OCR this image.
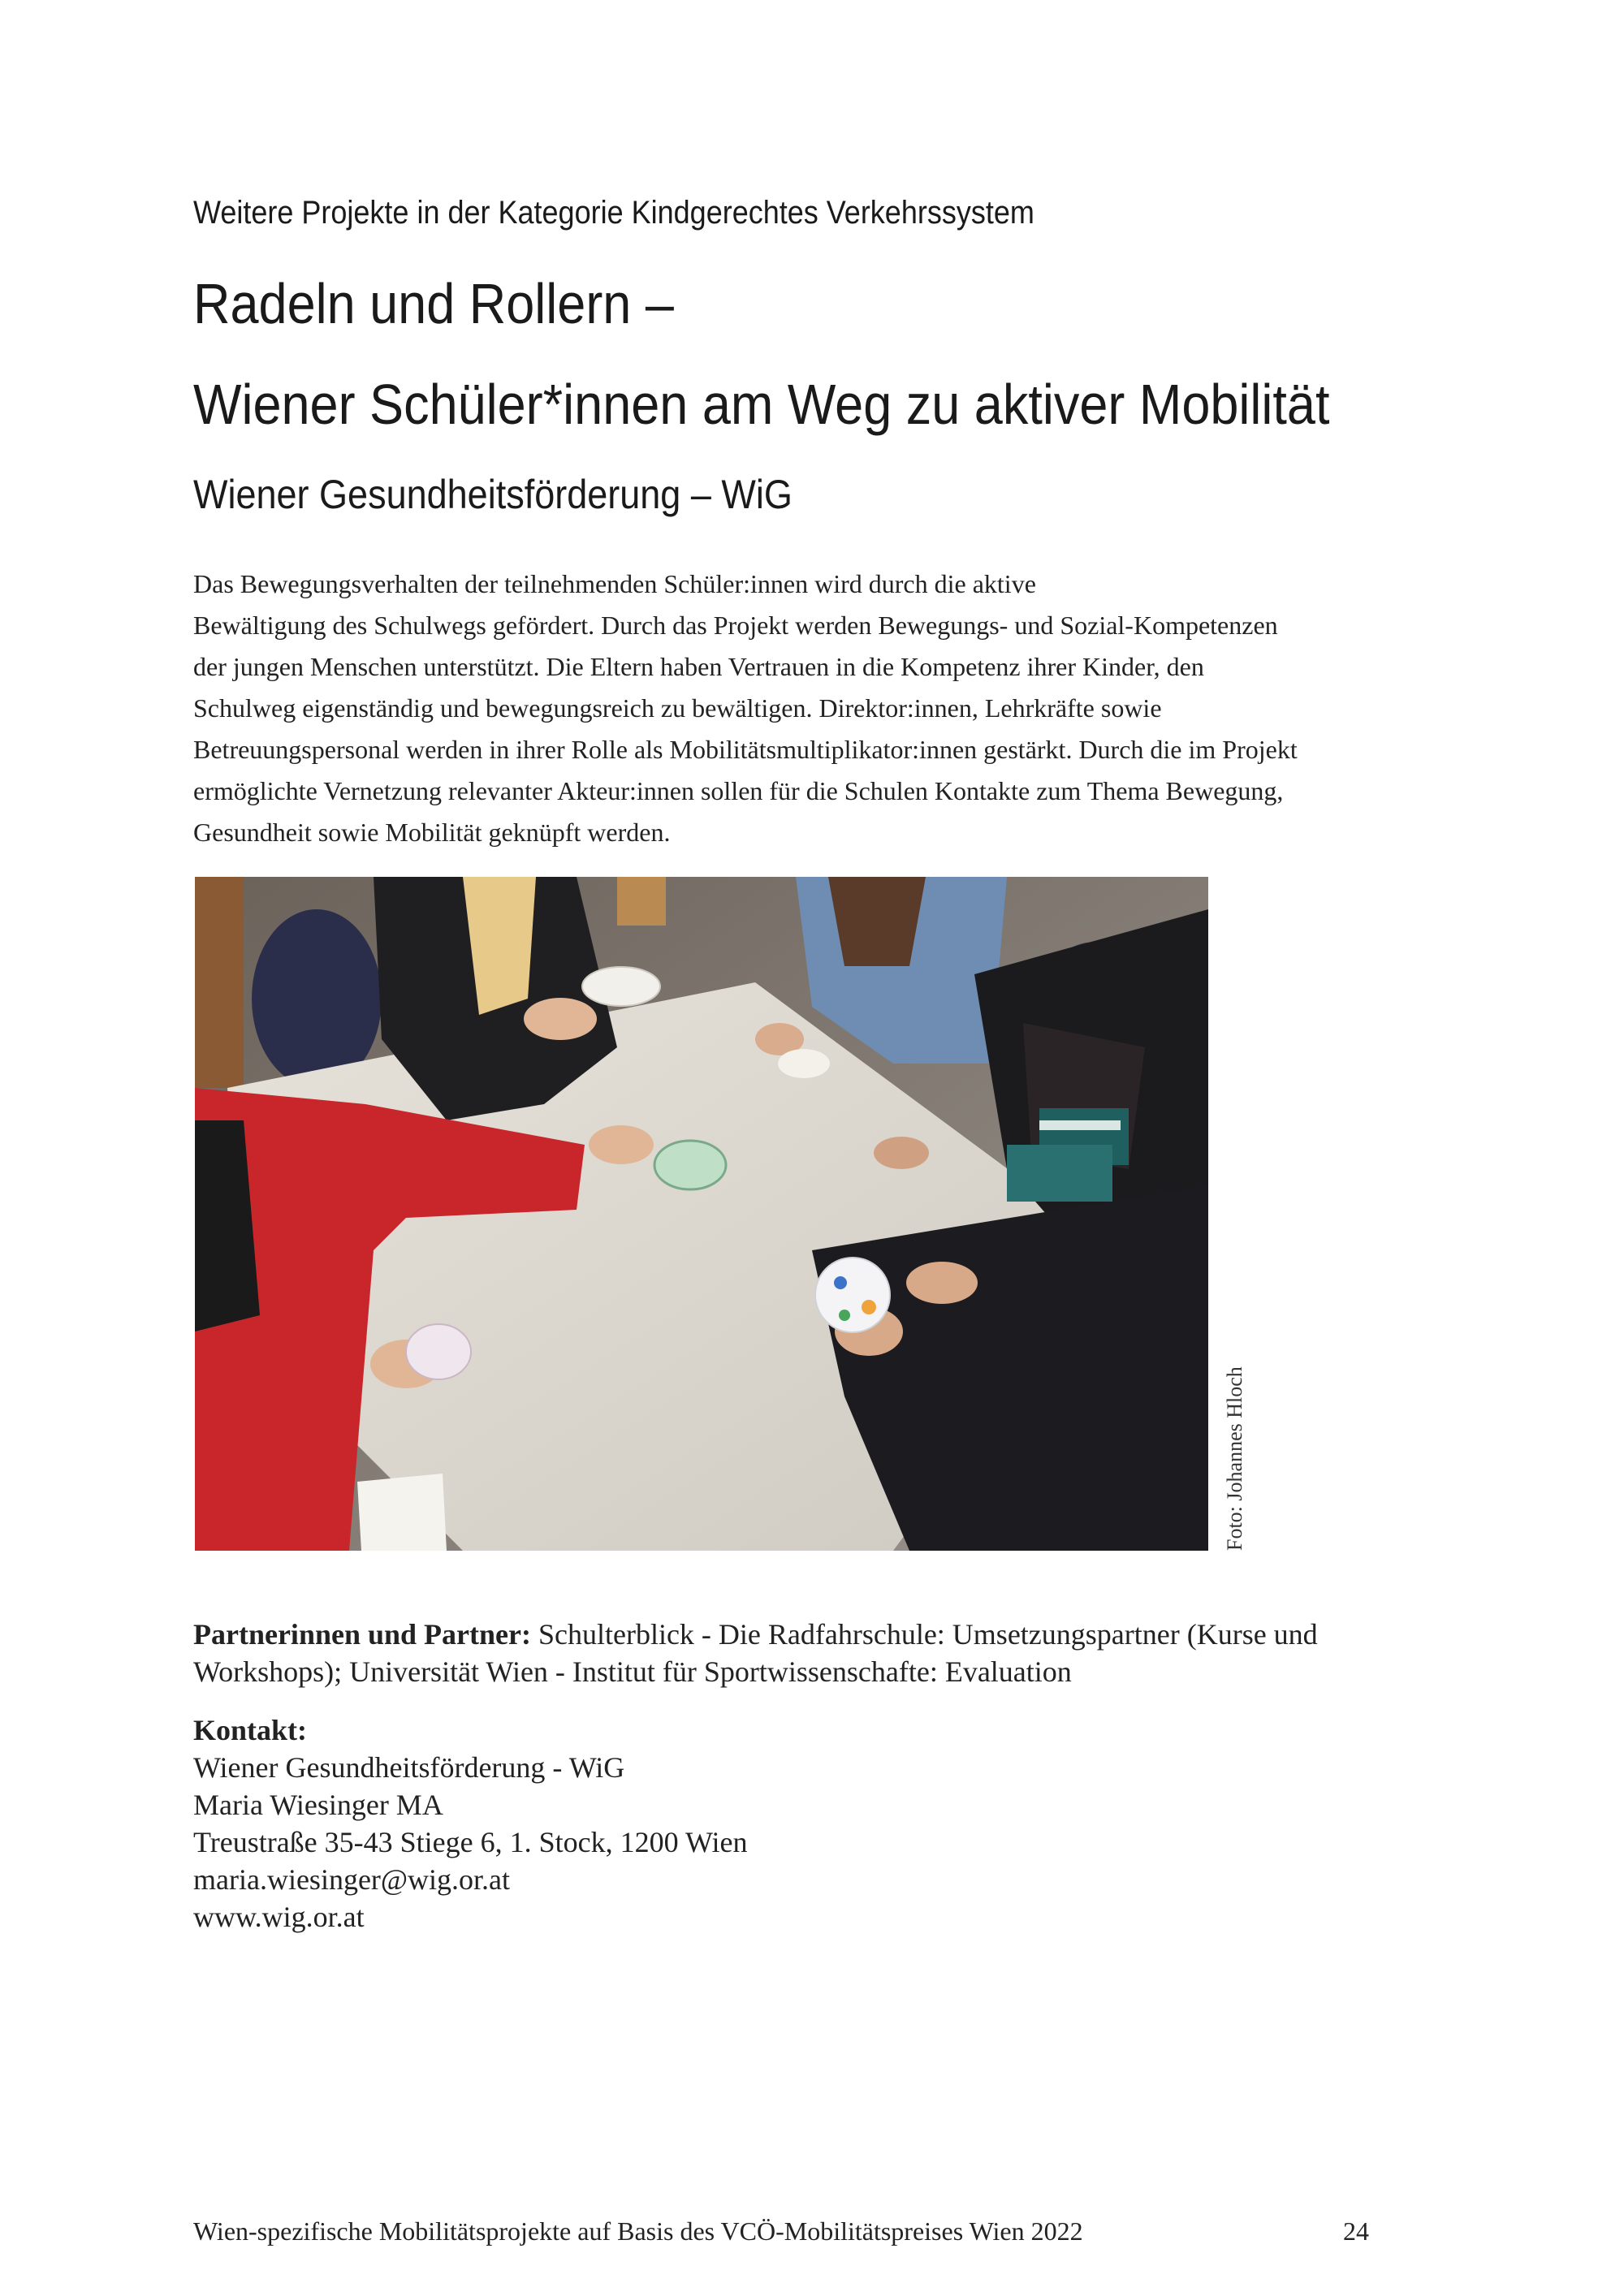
Weitere Projekte in der Kategorie Kindgerechtes Verkehrssystem
Radeln und Rollern –
Wiener Schüler*innen am Weg zu aktiver Mobilität
Wiener Gesundheitsförderung – WiG

Das Bewegungsverhalten der teilnehmenden Schüler:innen wird durch die aktive

Bewältigung des Schulwegs gefördert. Durch das Projekt werden Bewegungs- und Sozial-Kompetenzen

der jungen Menschen unterstützt. Die Eltern haben Vertrauen in die Kompetenz ihrer Kinder, den

Schulweg eigenständig und bewegungsreich zu bewältigen. Direktor:innen, Lehrkräfte sowie

Betreuungspersonal werden in ihrer Rolle als Mobilitätsmultiplikator:innen gestärkt. Durch die im Projekt

ermöglichte Vernetzung relevanter Akteur:innen sollen für die Schulen Kontakte zum Thema Bewegung,

Gesundheit sowie Mobilität geknüpft werden.

Foto: Johannes Hloch
Partnerinnen und Partner: Schulterblick - Die Radfahrschule: Umsetzungspartner (Kurse und Workshops); Universität Wien - Institut für Sportwissenschafte: Evaluation
Kontakt:
Wiener Gesundheitsförderung - WiG
Maria Wiesinger MA
Treustraße 35-43 Stiege 6, 1. Stock, 1200 Wien
maria.wiesinger@wig.or.at
www.wig.or.at
Wien-spezifische Mobilitätsprojekte auf Basis des VCÖ-Mobilitätspreises Wien 2022	24
